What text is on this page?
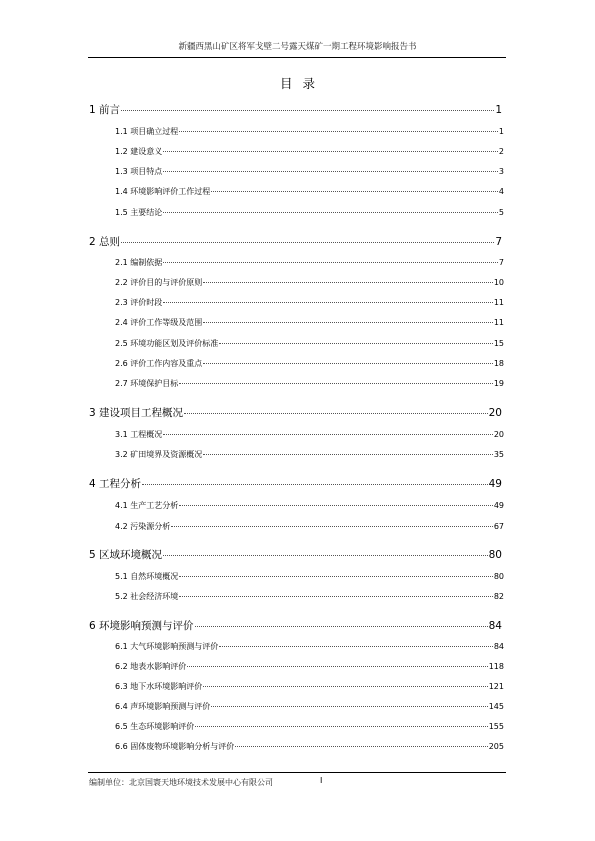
新疆西黑山矿区将军戈壁二号露天煤矿一期工程环境影响报告书
目录
1 前言	1
1.1 项目确立过程	1
1.2 建设意义	2
1.3 项目特点	3
1.4 环境影响评价工作过程	4
1.5 主要结论	5
2 总则	7
2.1 编制依据	7
2.2 评价目的与评价原则	10
2.3 评价时段	11
2.4 评价工作等级及范围	11
2.5 环境功能区划及评价标准	15
2.6 评价工作内容及重点	18
2.7 环境保护目标	19
3 建设项目工程概况	20
3.1 工程概况	20
3.2 矿田境界及资源概况	35
4 工程分析	49
4.1 生产工艺分析	49
4.2 污染源分析	67
5 区域环境概况	80
5.1 自然环境概况	80
5.2 社会经济环境	82
6 环境影响预测与评价	84
6.1 大气环境影响预测与评价	84
6.2 地表水影响评价	118
6.3 地下水环境影响评价	121
6.4 声环境影响预测与评价	145
6.5 生态环境影响评价	155
6.6 固体废物环境影响分析与评价	205
编制单位：北京国寰天地环境技术发展中心有限公司	I
